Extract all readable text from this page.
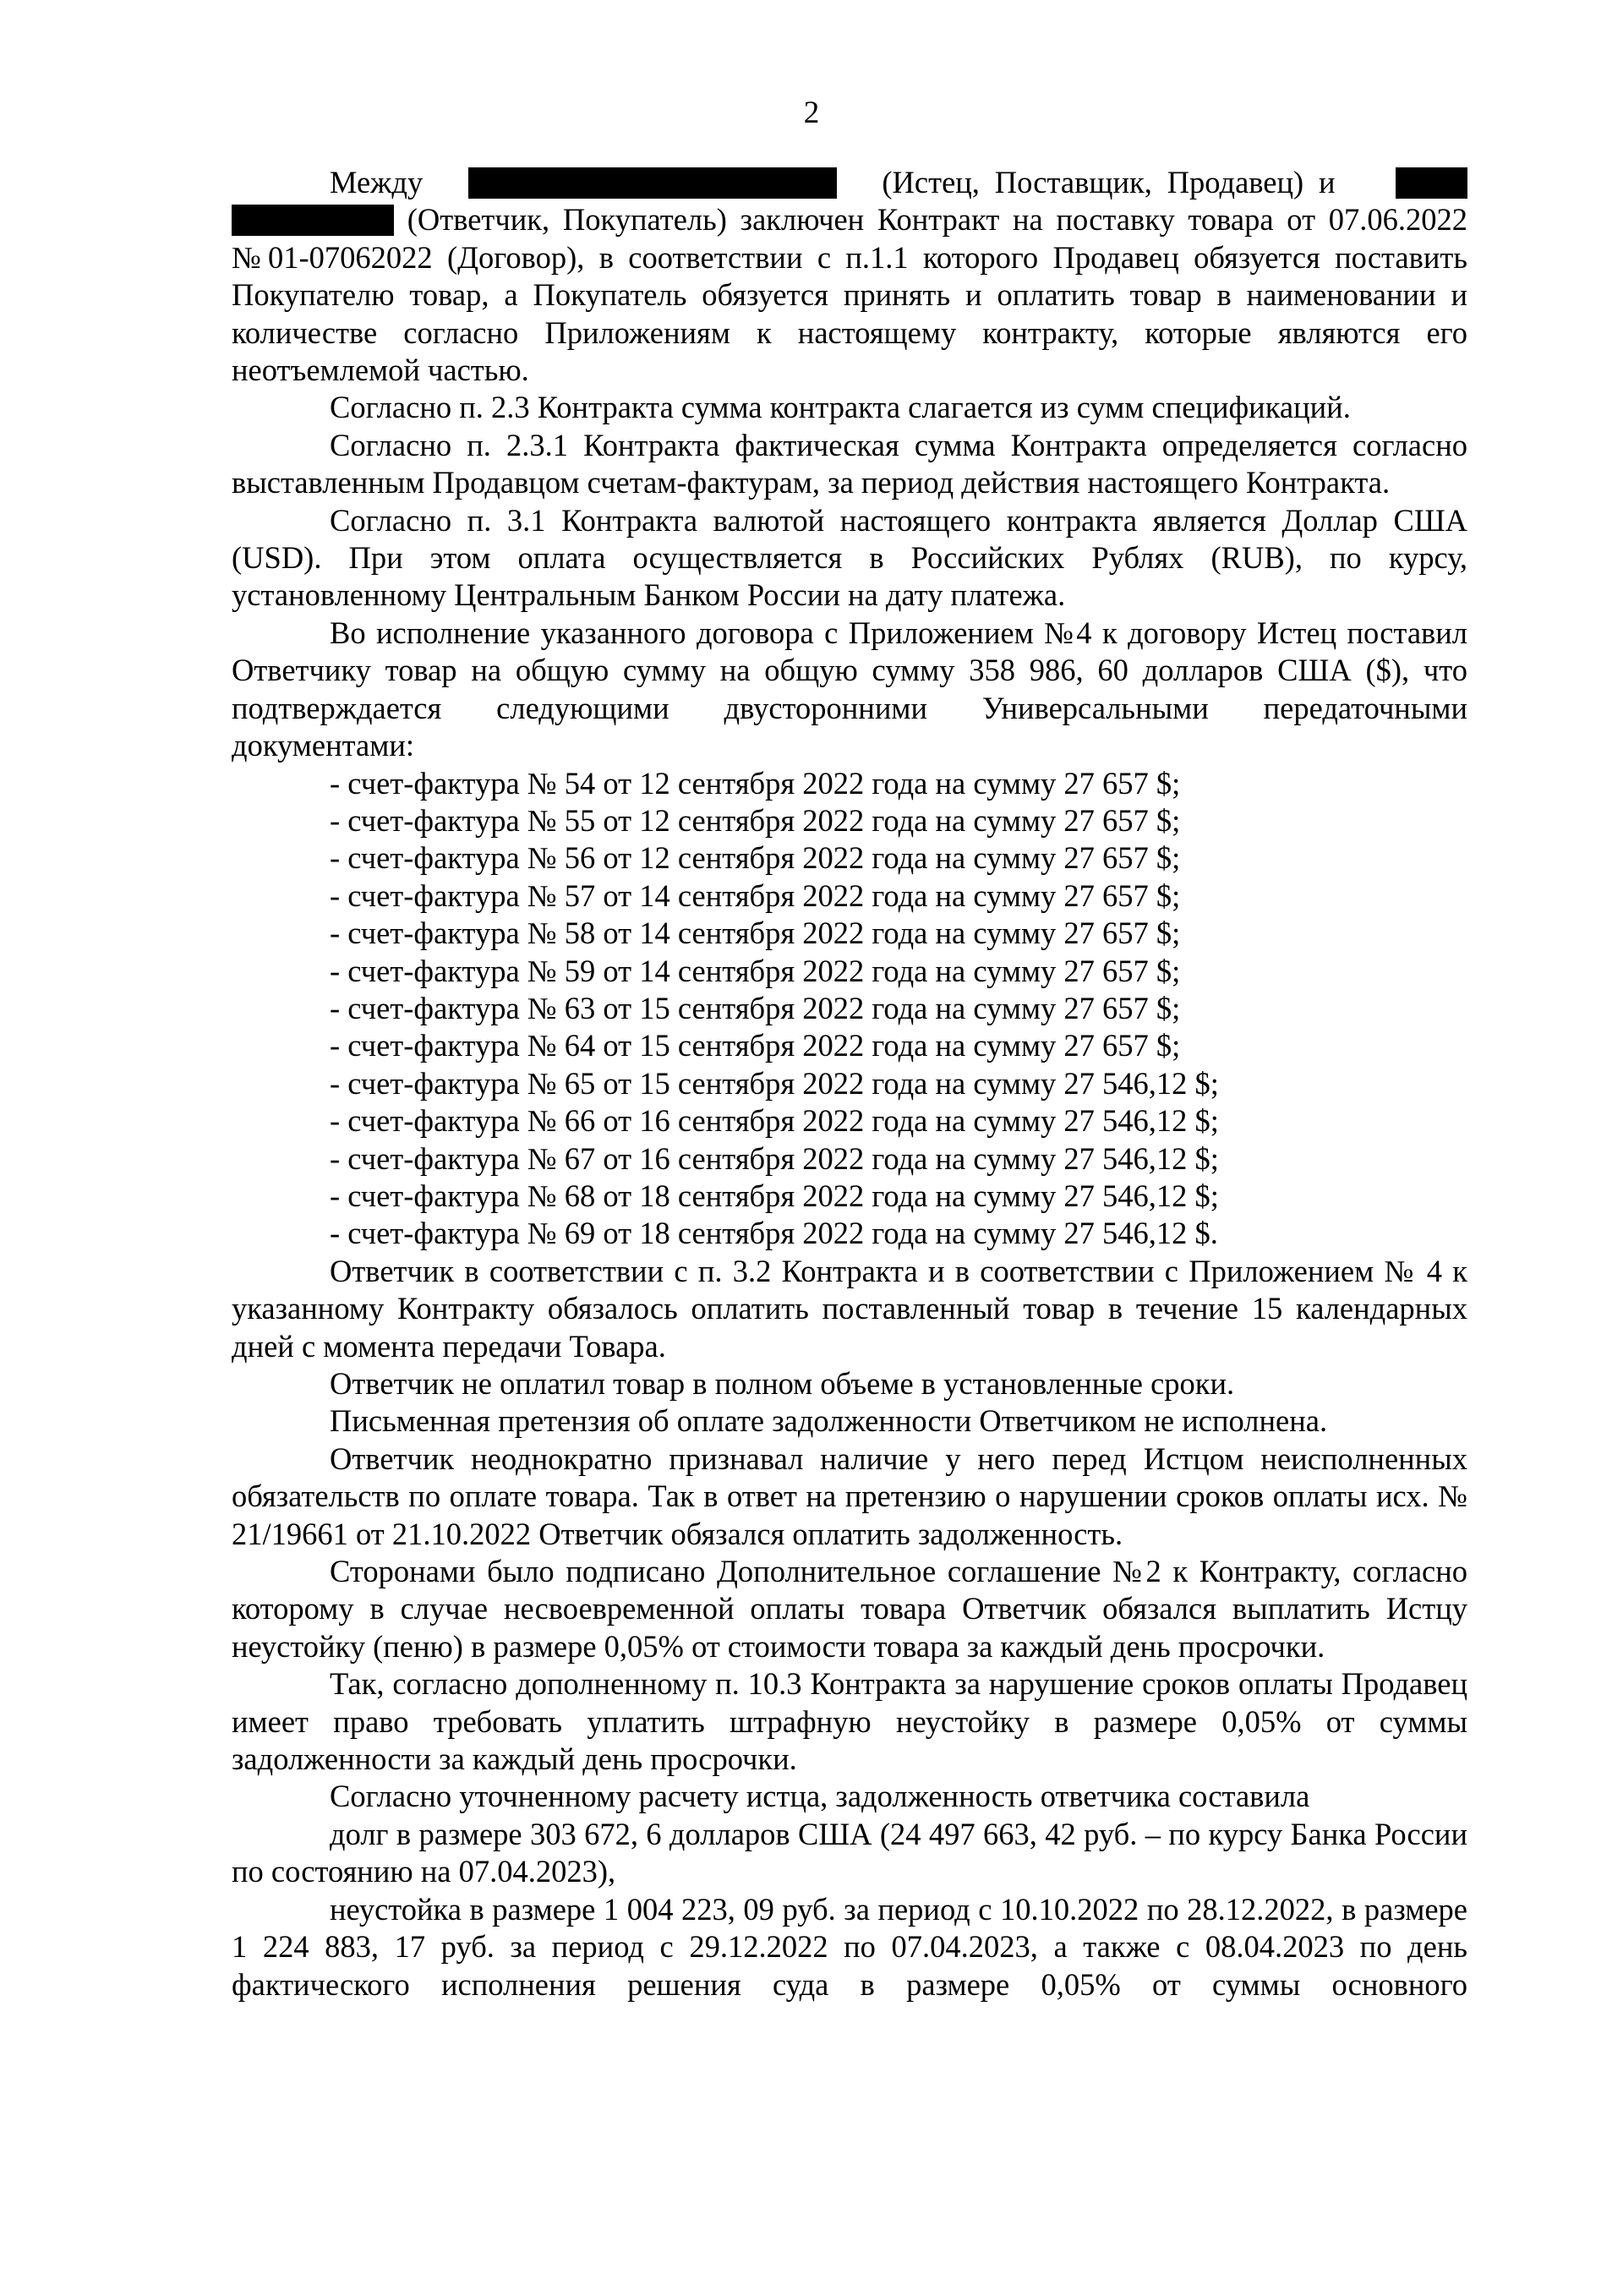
2

Между	(Истец, Поставщик, Продавец) и      (Ответчик, Покупатель) заключен Контракт на поставку товара от 07.06.2022 №01-07062022 (Договор), в соответствии с п.1.1 которого Продавец обязуется поставить Покупателю товар, а Покупатель обязуется принять и оплатить товар в наименовании и количестве согласно Приложениям к настоящему контракту, которые являются его неотъемлемой частью.

Согласно п. 2.3 Контракта сумма контракта слагается из сумм спецификаций.

Согласно п. 2.3.1 Контракта фактическая сумма Контракта определяется согласно выставленным Продавцом счетам-фактурам, за период действия настоящего Контракта.

Согласно п. 3.1 Контракта валютой настоящего контракта является Доллар США (USD). При этом оплата осуществляется в Российских Рублях (RUB), по курсу, установленному Центральным Банком России на дату платежа.

Во исполнение указанного договора с Приложением №4 к договору Истец поставил Ответчику товар на общую сумму на общую сумму 358 986, 60 долларов США ($), что подтверждается следующими двусторонними Универсальными передаточными документами:

- счет-фактура № 54 от 12 сентября 2022 года на сумму 27 657 $;

- счет-фактура № 55 от 12 сентября 2022 года на сумму 27 657 $;

- счет-фактура № 56 от 12 сентября 2022 года на сумму 27 657 $;

- счет-фактура № 57 от 14 сентября 2022 года на сумму 27 657 $;

- счет-фактура № 58 от 14 сентября 2022 года на сумму 27 657 $;

- счет-фактура № 59 от 14 сентября 2022 года на сумму 27 657 $;

- счет-фактура № 63 от 15 сентября 2022 года на сумму 27 657 $;

- счет-фактура № 64 от 15 сентября 2022 года на сумму 27 657 $;

- счет-фактура № 65 от 15 сентября 2022 года на сумму 27 546,12 $;

- счет-фактура № 66 от 16 сентября 2022 года на сумму 27 546,12 $;

- счет-фактура № 67 от 16 сентября 2022 года на сумму 27 546,12 $;

- счет-фактура № 68 от 18 сентября 2022 года на сумму 27 546,12 $;

- счет-фактура № 69 от 18 сентября 2022 года на сумму 27 546,12 $.

Ответчик в соответствии с п. 3.2 Контракта и в соответствии с Приложением № 4 к указанному Контракту обязалось оплатить поставленный товар в течение 15 календарных дней с момента передачи Товара.

Ответчик не оплатил товар в полном объеме в установленные сроки.

Письменная претензия об оплате задолженности Ответчиком не исполнена.

Ответчик неоднократно признавал наличие у него перед Истцом неисполненных обязательств по оплате товара. Так в ответ на претензию о нарушении сроков оплаты исх. № 21/19661 от 21.10.2022 Ответчик обязался оплатить задолженность.

Сторонами было подписано Дополнительное соглашение №2 к Контракту, согласно которому в случае несвоевременной оплаты товара Ответчик обязался выплатить Истцу неустойку (пеню) в размере 0,05% от стоимости товара за каждый день просрочки.

Так, согласно дополненному п. 10.3 Контракта за нарушение сроков оплаты Продавец имеет право требовать уплатить штрафную неустойку в размере 0,05% от суммы задолженности за каждый день просрочки.

Согласно уточненному расчету истца, задолженность ответчика составила

долг в размере 303 672, 6 долларов США (24 497 663, 42 руб. – по курсу Банка России по состоянию на 07.04.2023),

неустойка в размере 1 004 223, 09 руб. за период с 10.10.2022 по 28.12.2022, в размере 1 224 883, 17 руб. за период с 29.12.2022 по 07.04.2023, а также с 08.04.2023 по день фактического исполнения решения суда в размере 0,05% от суммы основного
